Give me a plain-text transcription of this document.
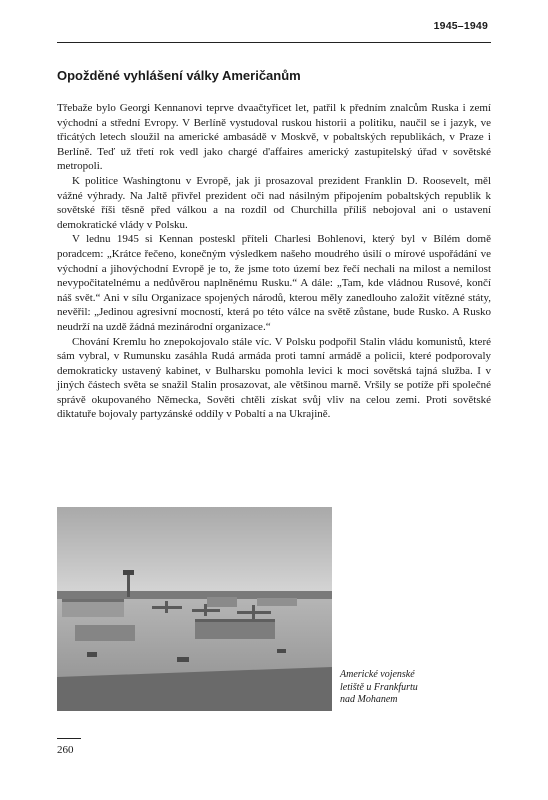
1945–1949
Opožděné vyhlášení války Američanům

Třebaže bylo Georgi Kennanovi teprve dvaačtyřicet let, patřil k předním znalcům Ruska i zemí východní a střední Evropy. V Berlíně vystudoval ruskou historii a politiku, naučil se i jazyk, ve třicátých letech sloužil na americké ambasádě v Moskvě, v pobaltských republikách, v Praze i Berlíně. Teď už třetí rok vedl jako chargé d'affaires americký zastupitelský úřad v sovětské metropoli.

K politice Washingtonu v Evropě, jak ji prosazoval prezident Franklin D. Roosevelt, měl vážné výhrady. Na Jaltě přivřel prezident oči nad násilným připojením pobaltských republik k sovětské říši těsně před válkou a na rozdíl od Churchilla příliš nebojoval ani o ustavení demokratické vlády v Polsku.

V lednu 1945 si Kennan posteskl příteli Charlesi Bohlenovi, který byl v Bílém domě poradcem: „Krátce řečeno, konečným výsledkem našeho moudrého úsilí o mírové uspořádání ve východní a jihovýchodní Evropě je to, že jsme toto území bez řečí nechali na milost a nemilost nevypočitatelnému a nedůvěrou naplněnému Rusku.“ A dále: „Tam, kde vládnou Rusové, končí náš svět.“ Ani v sílu Organizace spojených národů, kterou měly zanedlouho založit vítězné státy, nevěřil: „Jedinou agresivní mocností, která po této válce na světě zůstane, bude Rusko. A Rusko neudrží na uzdě žádná mezinárodní organizace.“

Chování Kremlu ho znepokojovalo stále víc. V Polsku podpořil Stalin vládu komunistů, které sám vybral, v Rumunsku zasáhla Rudá armáda proti tamní armádě a policii, které podporovaly demokraticky ustavený kabinet, v Bulharsku pomohla levici k moci sovětská tajná služba. I v jiných částech světa se snažil Stalin prosazovat, ale většinou marně. Vršily se potíže při společné správě okupovaného Německa, Sověti chtěli získat svůj vliv na celou zemi. Proti sovětské diktatuře bojovaly partyzánské oddíly v Pobaltí a na Ukrajině.

Americké vojenské
letiště u Frankfurtu
nad Mohanem
260
